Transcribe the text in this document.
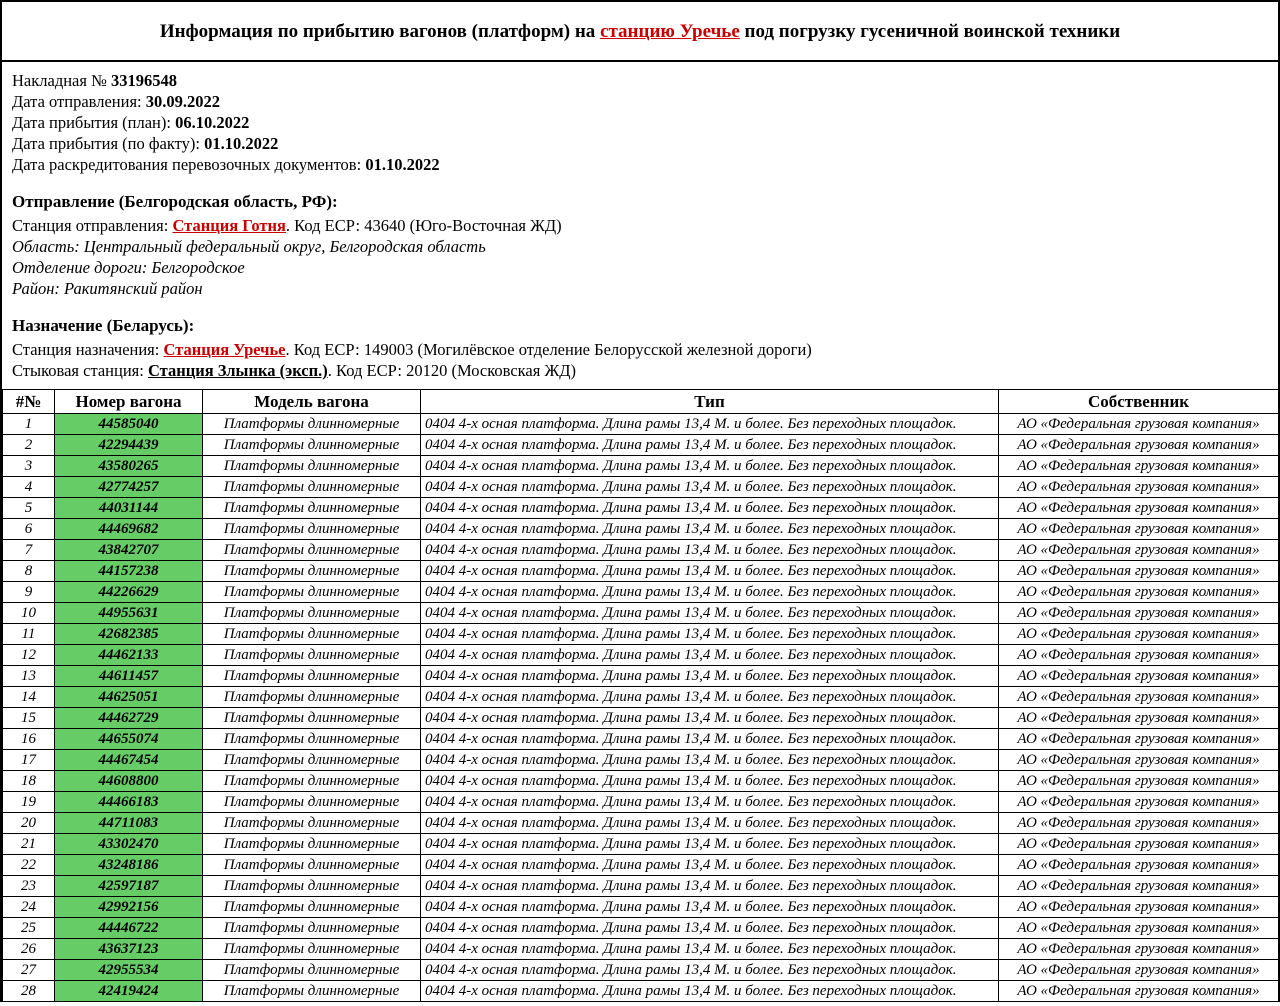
Информация по прибытию вагонов (платформ) на станцию Уречье под погрузку гусеничной воинской техники
Накладная № 33196548
Дата отправления: 30.09.2022
Дата прибытия (план): 06.10.2022
Дата прибытия (по факту): 01.10.2022
Дата раскредитования перевозочных документов: 01.10.2022
Отправление (Белгородская область, РФ):
Станция отправления: Станция Готня. Код ЕСР: 43640 (Юго-Восточная ЖД)
Область: Центральный федеральный округ, Белгородская область
Отделение дороги: Белгородское
Район: Ракитянский район
Назначение (Беларусь):
Станция назначения: Станция Уречье. Код ЕСР: 149003 (Могилёвское отделение Белорусской железной дороги)
Стыковая станция: Станция Злынка (эксп.). Код ЕСР: 20120 (Московская ЖД)
#№	Номер вагона	Модель вагона	Тип	Собственник
1	44585040	Платформы длинномерные	0404 4-х осная платформа. Длина рамы 13,4 М. и более. Без переходных площадок.	АО «Федеральная грузовая компания»
2	42294439	Платформы длинномерные	0404 4-х осная платформа. Длина рамы 13,4 М. и более. Без переходных площадок.	АО «Федеральная грузовая компания»
3	43580265	Платформы длинномерные	0404 4-х осная платформа. Длина рамы 13,4 М. и более. Без переходных площадок.	АО «Федеральная грузовая компания»
4	42774257	Платформы длинномерные	0404 4-х осная платформа. Длина рамы 13,4 М. и более. Без переходных площадок.	АО «Федеральная грузовая компания»
5	44031144	Платформы длинномерные	0404 4-х осная платформа. Длина рамы 13,4 М. и более. Без переходных площадок.	АО «Федеральная грузовая компания»
6	44469682	Платформы длинномерные	0404 4-х осная платформа. Длина рамы 13,4 М. и более. Без переходных площадок.	АО «Федеральная грузовая компания»
7	43842707	Платформы длинномерные	0404 4-х осная платформа. Длина рамы 13,4 М. и более. Без переходных площадок.	АО «Федеральная грузовая компания»
8	44157238	Платформы длинномерные	0404 4-х осная платформа. Длина рамы 13,4 М. и более. Без переходных площадок.	АО «Федеральная грузовая компания»
9	44226629	Платформы длинномерные	0404 4-х осная платформа. Длина рамы 13,4 М. и более. Без переходных площадок.	АО «Федеральная грузовая компания»
10	44955631	Платформы длинномерные	0404 4-х осная платформа. Длина рамы 13,4 М. и более. Без переходных площадок.	АО «Федеральная грузовая компания»
11	42682385	Платформы длинномерные	0404 4-х осная платформа. Длина рамы 13,4 М. и более. Без переходных площадок.	АО «Федеральная грузовая компания»
12	44462133	Платформы длинномерные	0404 4-х осная платформа. Длина рамы 13,4 М. и более. Без переходных площадок.	АО «Федеральная грузовая компания»
13	44611457	Платформы длинномерные	0404 4-х осная платформа. Длина рамы 13,4 М. и более. Без переходных площадок.	АО «Федеральная грузовая компания»
14	44625051	Платформы длинномерные	0404 4-х осная платформа. Длина рамы 13,4 М. и более. Без переходных площадок.	АО «Федеральная грузовая компания»
15	44462729	Платформы длинномерные	0404 4-х осная платформа. Длина рамы 13,4 М. и более. Без переходных площадок.	АО «Федеральная грузовая компания»
16	44655074	Платформы длинномерные	0404 4-х осная платформа. Длина рамы 13,4 М. и более. Без переходных площадок.	АО «Федеральная грузовая компания»
17	44467454	Платформы длинномерные	0404 4-х осная платформа. Длина рамы 13,4 М. и более. Без переходных площадок.	АО «Федеральная грузовая компания»
18	44608800	Платформы длинномерные	0404 4-х осная платформа. Длина рамы 13,4 М. и более. Без переходных площадок.	АО «Федеральная грузовая компания»
19	44466183	Платформы длинномерные	0404 4-х осная платформа. Длина рамы 13,4 М. и более. Без переходных площадок.	АО «Федеральная грузовая компания»
20	44711083	Платформы длинномерные	0404 4-х осная платформа. Длина рамы 13,4 М. и более. Без переходных площадок.	АО «Федеральная грузовая компания»
21	43302470	Платформы длинномерные	0404 4-х осная платформа. Длина рамы 13,4 М. и более. Без переходных площадок.	АО «Федеральная грузовая компания»
22	43248186	Платформы длинномерные	0404 4-х осная платформа. Длина рамы 13,4 М. и более. Без переходных площадок.	АО «Федеральная грузовая компания»
23	42597187	Платформы длинномерные	0404 4-х осная платформа. Длина рамы 13,4 М. и более. Без переходных площадок.	АО «Федеральная грузовая компания»
24	42992156	Платформы длинномерные	0404 4-х осная платформа. Длина рамы 13,4 М. и более. Без переходных площадок.	АО «Федеральная грузовая компания»
25	44446722	Платформы длинномерные	0404 4-х осная платформа. Длина рамы 13,4 М. и более. Без переходных площадок.	АО «Федеральная грузовая компания»
26	43637123	Платформы длинномерные	0404 4-х осная платформа. Длина рамы 13,4 М. и более. Без переходных площадок.	АО «Федеральная грузовая компания»
27	42955534	Платформы длинномерные	0404 4-х осная платформа. Длина рамы 13,4 М. и более. Без переходных площадок.	АО «Федеральная грузовая компания»
28	42419424	Платформы длинномерные	0404 4-х осная платформа. Длина рамы 13,4 М. и более. Без переходных площадок.	АО «Федеральная грузовая компания»
